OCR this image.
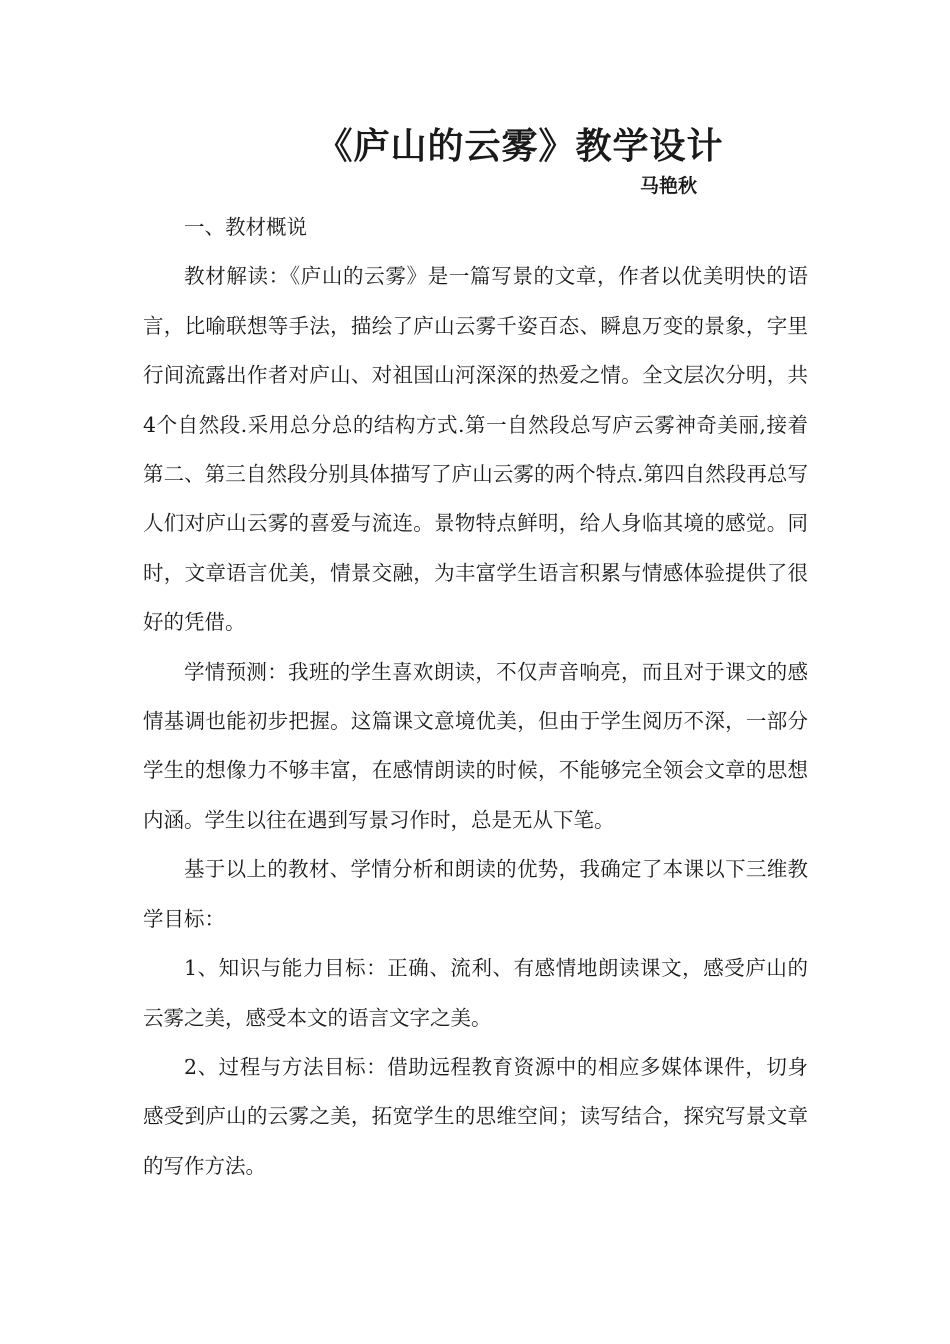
《庐山的云雾》教学设计
马艳秋

一、教材概说

教材解读：《庐山的云雾》是一篇写景的文章，作者以优美明快的语言，比喻联想等手法，描绘了庐山云雾千姿百态、瞬息万变的景象，字里行间流露出作者对庐山、对祖国山河深深的热爱之情。全文层次分明，共4个自然段.采用总分总的结构方式.第一自然段总写庐云雾神奇美丽,接着第二、第三自然段分别具体描写了庐山云雾的两个特点.第四自然段再总写人们对庐山云雾的喜爱与流连。景物特点鲜明，给人身临其境的感觉。同时，文章语言优美，情景交融，为丰富学生语言积累与情感体验提供了很好的凭借。

学情预测：我班的学生喜欢朗读，不仅声音响亮，而且对于课文的感情基调也能初步把握。这篇课文意境优美，但由于学生阅历不深，一部分学生的想像力不够丰富，在感情朗读的时候，不能够完全领会文章的思想内涵。学生以往在遇到写景习作时，总是无从下笔。

基于以上的教材、学情分析和朗读的优势，我确定了本课以下三维教学目标：

1、知识与能力目标：正确、流利、有感情地朗读课文，感受庐山的云雾之美，感受本文的语言文字之美。

2、过程与方法目标：借助远程教育资源中的相应多媒体课件，切身感受到庐山的云雾之美，拓宽学生的思维空间；读写结合，探究写景文章的写作方法。
